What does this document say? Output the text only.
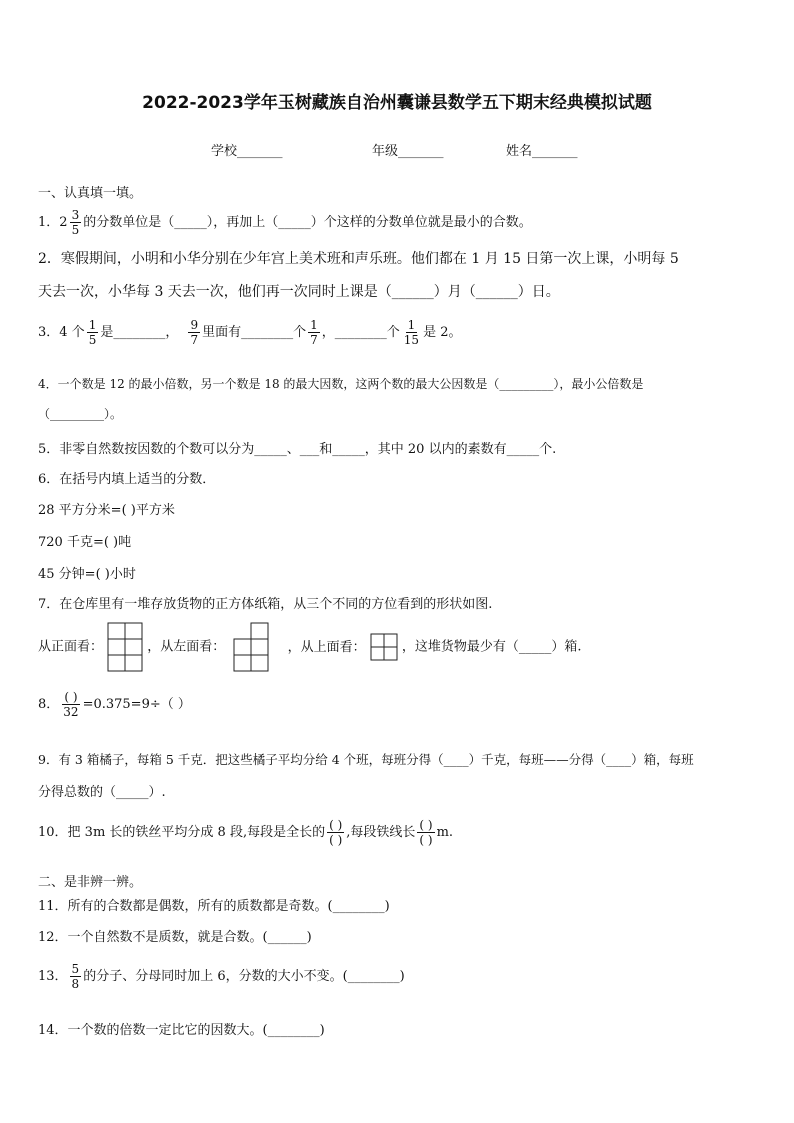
2022-2023学年玉树藏族自治州囊谦县数学五下期末经典模拟试题
学校_______	年级_______	姓名_______
一、认真填一填。
1． $2 \frac{3}{5}$ 的分数单位是（_____），再加上（_____）个这样的分数单位就是最小的合数。
2．寒假期间，小明和小华分别在少年宫上美术班和声乐班。他们都在 1 月 15 日第一次上课，小明每 5
天去一次，小华每 3 天去一次，他们再一次同时上课是（______）月（______）日。
3．4 个 $\frac{1}{5}$ 是________， $\frac{9}{7}$ 里面有________个 $\frac{1}{7}$ ，________个 $\frac{1}{15}$ 是 2。
4．一个数是 12 的最小倍数，另一个数是 18 的最大因数，这两个数的最大公因数是（_________），最小公倍数是
（_________）。
5．非零自然数按因数的个数可以分为_____、___和_____，其中 20 以内的素数有_____个.
6．在括号内填上适当的分数．
28 平方分米=( )平方米
720 千克=( )吨
45 分钟=( )小时
7．在仓库里有一堆存放货物的正方体纸箱，从三个不同的方位看到的形状如图.
从正面看：	，从左面看：	，从上面看：	，这堆货物最少有（_____）箱.
8． $\frac{( )}{32} =0.375=9\div$（ ）
9．有 3 箱橘子，每箱 5 千克．把这些橘子平均分给 4 个班，每班分得（____）千克，每班——分得（____）箱，每班
分得总数的（_____）.
10．把 3m 长的铁丝平均分成 8 段,每段是全长的 $\frac{( )}{( )}$ ,每段铁线长 $\frac{( )}{( )} m$.
二、是非辨一辨。
11．所有的合数都是偶数，所有的质数都是奇数。(________)
12．一个自然数不是质数，就是合数。(______)
13． $\frac{5}{8}$ 的分子、分母同时加上 6，分数的大小不变。(________)
14．一个数的倍数一定比它的因数大。(________)
